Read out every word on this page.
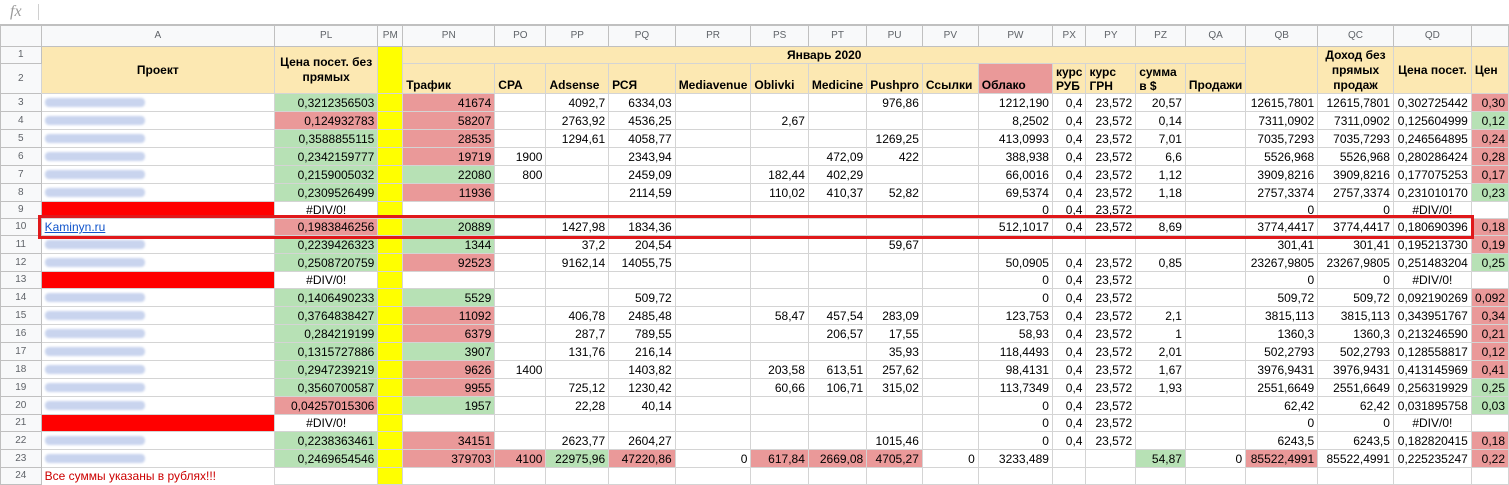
fx
	A	PL	PM	PN	PO	PP	PQ	PR	PS	PT	PU	PV	PW	PX	PY	PZ	QA	QB	QC	QD	
1	Проект	Цена посет. без прямых		Январь 2020															Доход без прямых продаж	Цена посет.	Цен
2				Трафик	CPA	Adsense	РСЯ	Mediavenue	Oblivki	Medicine	Pushpro	Ссылки	Облако	курс РУБ	курс ГРН	сумма в $	Продажи				
3		0,3212356503		41674		4092,7	6334,03				976,86		1212,190	0,4	23,572	20,57		12615,7801	12615,7801	0,302725442	0,30
4		0,124932783		58207		2763,92	4536,25		2,67				8,2502	0,4	23,572	0,14		7311,0902	7311,0902	0,125604999	0,12
5		0,3588855115		28535		1294,61	4058,77				1269,25		413,0993	0,4	23,572	7,01		7035,7293	7035,7293	0,246564895	0,24
6		0,2342159777		19719	1900		2343,94			472,09	422		388,938	0,4	23,572	6,6		5526,968	5526,968	0,280286424	0,28
7		0,2159005032		22080	800		2459,09		182,44	402,29			66,0016	0,4	23,572	1,12		3909,8216	3909,8216	0,177075253	0,17
8		0,2309526499		11936			2114,59		110,02	410,37	52,82		69,5374	0,4	23,572	1,18		2757,3374	2757,3374	0,231010170	0,23
9		#DIV/0!											0	0,4	23,572			0	0	#DIV/0!	
10	Kaminyn.ru	0,1983846256		20889		1427,98	1834,36						512,1017	0,4	23,572	8,69		3774,4417	3774,4417	0,180690396	0,18
11		0,2239426323		1344		37,2	204,54				59,67							301,41	301,41	0,195213730	0,19
12		0,2508720759		92523		9162,14	14055,75						50,0905	0,4	23,572	0,85		23267,9805	23267,9805	0,251483204	0,25
13		#DIV/0!											0	0,4	23,572			0	0	#DIV/0!	
14		0,1406490233		5529			509,72						0	0,4	23,572			509,72	509,72	0,092190269	0,092
15		0,3764838427		11092		406,78	2485,48		58,47	457,54	283,09		123,753	0,4	23,572	2,1		3815,113	3815,113	0,343951767	0,34
16		0,284219199		6379		287,7	789,55			206,57	17,55		58,93	0,4	23,572	1		1360,3	1360,3	0,213246590	0,21
17		0,1315727886		3907		131,76	216,14				35,93		118,4493	0,4	23,572	2,01		502,2793	502,2793	0,128558817	0,12
18		0,2947239219		9626	1400		1403,82		203,58	613,51	257,62		98,4131	0,4	23,572	1,67		3976,9431	3976,9431	0,413145969	0,41
19		0,3560700587		9955		725,12	1230,42		60,66	106,71	315,02		113,7349	0,4	23,572	1,93		2551,6649	2551,6649	0,256319929	0,25
20		0,04257015306		1957		22,28	40,14						0	0,4	23,572			62,42	62,42	0,031895758	0,03
21		#DIV/0!											0	0,4	23,572			0	0	#DIV/0!	
22		0,2238363461		34151		2623,77	2604,27				1015,46		0	0,4	23,572			6243,5	6243,5	0,182820415	0,18
23		0,2469654546		379703	4100	22975,96	47220,86	0	617,84	2669,08	4705,27	0	3233,489			54,87	0	85522,4991	85522,4991	0,225235247	0,22
24	Все суммы указаны в рублях!!!																				
